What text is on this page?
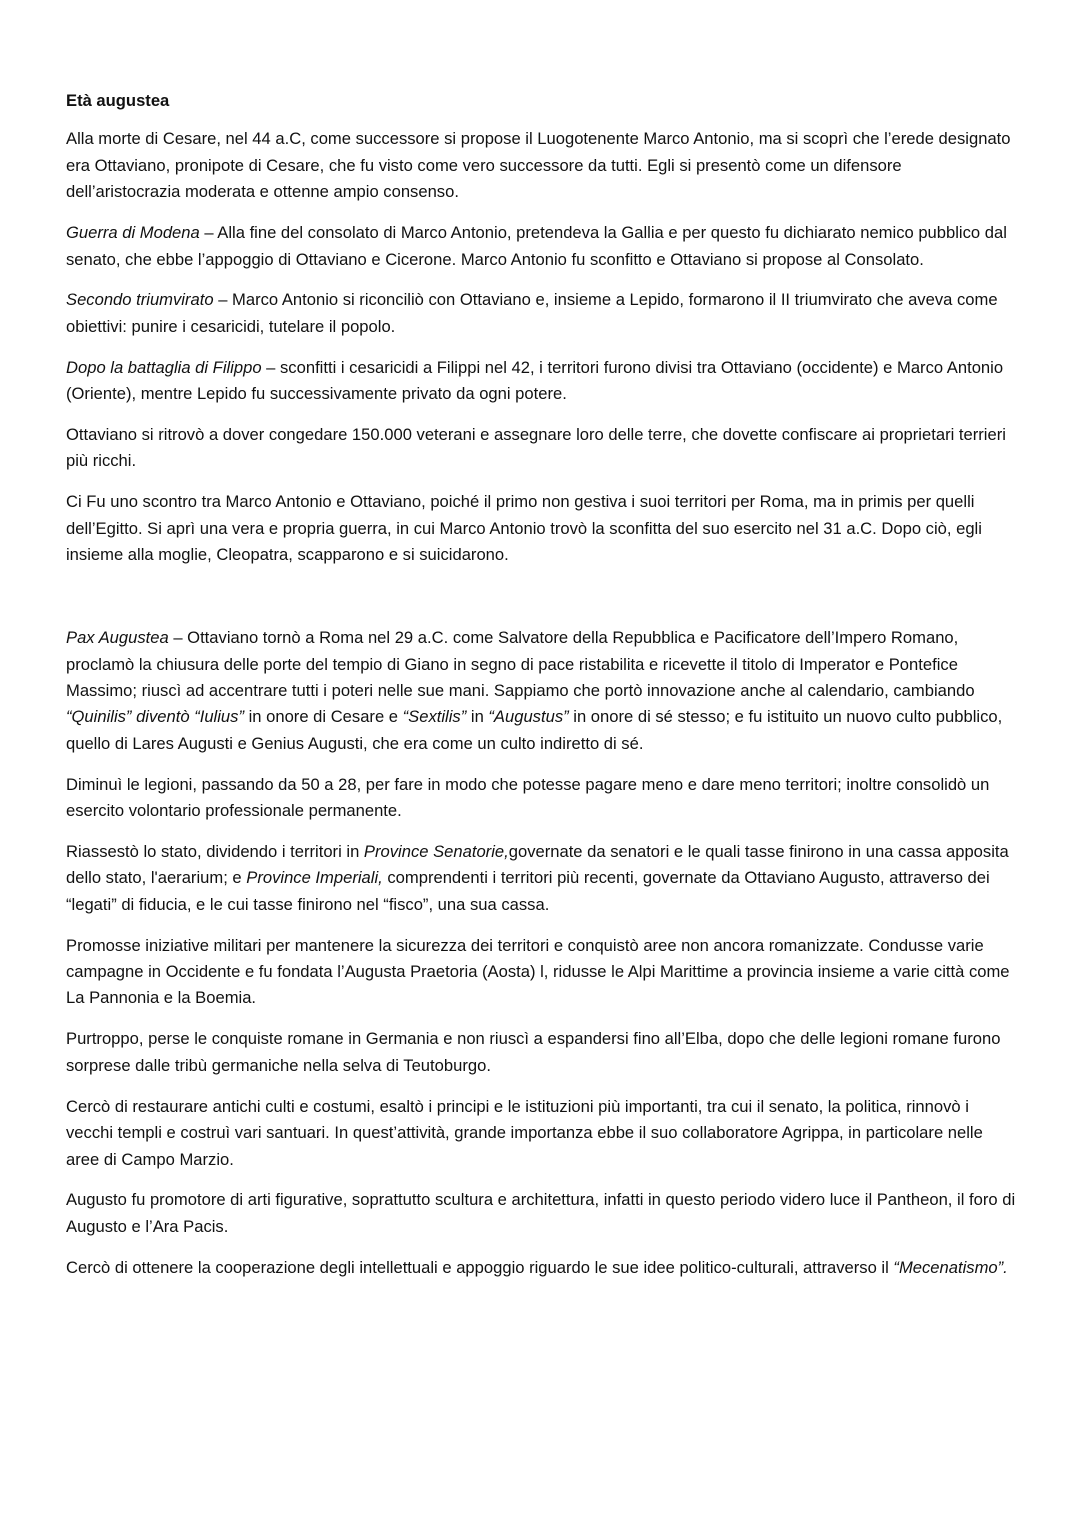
Età augustea

Alla morte di Cesare, nel 44 a.C, come successore si propose il Luogotenente Marco Antonio, ma si scoprì che l’erede designato era Ottaviano, pronipote di Cesare, che fu visto come vero successore da tutti. Egli si presentò come un difensore dell’aristocrazia moderata e ottenne ampio consenso.

Guerra di Modena – Alla fine del consolato di Marco Antonio, pretendeva la Gallia e per questo fu dichiarato nemico pubblico dal senato, che ebbe l’appoggio di Ottaviano e Cicerone. Marco Antonio fu sconfitto e Ottaviano si propose al Consolato.

Secondo triumvirato – Marco Antonio si riconciliò con Ottaviano e, insieme a Lepido, formarono il II triumvirato che aveva come obiettivi: punire i cesaricidi, tutelare il popolo.

Dopo la battaglia di Filippo – sconfitti i cesaricidi a Filippi nel 42, i territori furono divisi tra Ottaviano (occidente) e Marco Antonio (Oriente), mentre Lepido fu successivamente privato da ogni potere.

Ottaviano si ritrovò a dover congedare 150.000 veterani e assegnare loro delle terre, che dovette confiscare ai proprietari terrieri più ricchi.

Ci Fu uno scontro tra Marco Antonio e Ottaviano, poiché il primo non gestiva i suoi territori per Roma, ma in primis per quelli dell’Egitto. Si aprì una vera e propria guerra, in cui Marco Antonio trovò la sconfitta del suo esercito nel 31 a.C. Dopo ciò, egli insieme alla moglie, Cleopatra, scapparono e si suicidarono.

Pax Augustea – Ottaviano tornò a Roma nel 29 a.C. come Salvatore della Repubblica e Pacificatore dell’Impero Romano, proclamò la chiusura delle porte del tempio di Giano in segno di pace ristabilita e ricevette il titolo di Imperator e Pontefice Massimo; riuscì ad accentrare tutti i poteri nelle sue mani. Sappiamo che portò innovazione anche al calendario, cambiando “Quinilis” diventò “Iulius” in onore di Cesare e “Sextilis” in “Augustus” in onore di sé stesso; e fu istituito un nuovo culto pubblico, quello di Lares Augusti e Genius Augusti, che era come un culto indiretto di sé.

Diminuì le legioni, passando da 50 a 28, per fare in modo che potesse pagare meno e dare meno territori; inoltre consolidò un esercito volontario professionale permanente.

Riassestò lo stato, dividendo i territori in Province Senatorie,governate da senatori e le quali tasse finirono in una cassa apposita dello stato, l'aerarium; e Province Imperiali, comprendenti i territori più recenti, governate da Ottaviano Augusto, attraverso dei “legati” di fiducia, e le cui tasse finirono nel “fisco”, una sua cassa.

Promosse iniziative militari per mantenere la sicurezza dei territori e conquistò aree non ancora romanizzate. Condusse varie campagne in Occidente e fu fondata l’Augusta Praetoria (Aosta) l, ridusse le Alpi Marittime a provincia insieme a varie città come La Pannonia e la Boemia.

Purtroppo, perse le conquiste romane in Germania e non riuscì a espandersi fino all’Elba, dopo che delle legioni romane furono sorprese dalle tribù germaniche nella selva di Teutoburgo.

Cercò di restaurare antichi culti e costumi, esaltò i principi e le istituzioni più importanti, tra cui il senato, la politica, rinnovò i vecchi templi e costruì vari santuari. In quest’attività, grande importanza ebbe il suo collaboratore Agrippa, in particolare nelle aree di Campo Marzio.

Augusto fu promotore di arti figurative, soprattutto scultura e architettura, infatti in questo periodo videro luce il Pantheon, il foro di Augusto e l’Ara Pacis.

Cercò di ottenere la cooperazione degli intellettuali e appoggio riguardo le sue idee politico-culturali, attraverso il “Mecenatismo”.
